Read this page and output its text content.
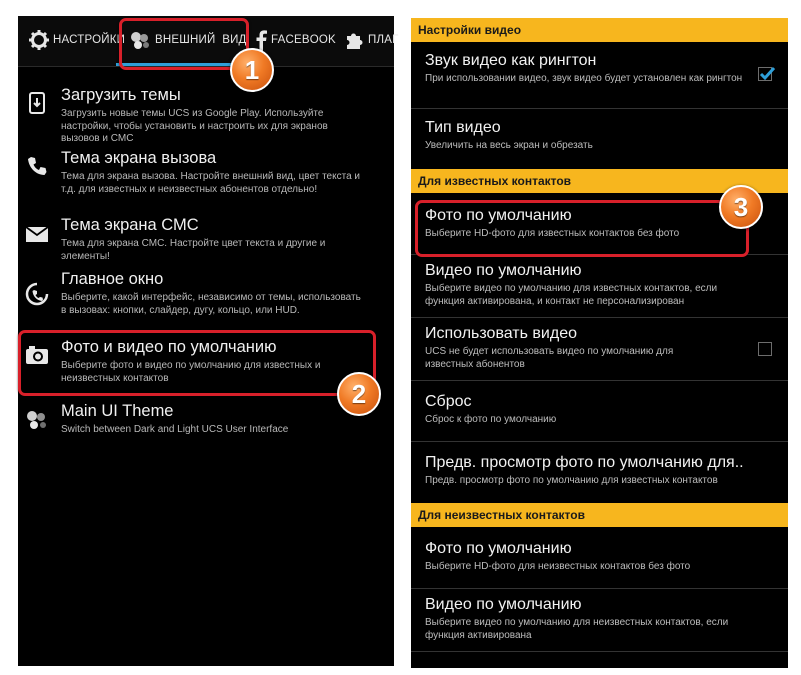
НАСТРОЙКИ	ВНЕШНИЙ  ВИД FACEBOOK	ПЛАГ
Загрузить темы
Загрузить новые темы UCS из Google Play. Используйте настройки, чтобы установить и настроить их для экранов вызовов и СМС
Тема экрана вызова
Тема для экрана вызова. Настройте внешний вид, цвет текста и т.д. для известных и неизвестных абонентов отдельно!
Тема экрана СМС
Тема для экрана СМС. Настройте цвет текста и другие и элементы!
Главное окно
Выберите, какой интерфейс, независимо от темы, использовать в вызовах: кнопки, слайдер, дугу, кольцо, или HUD.
Фото и видео по умолчанию
Выберите фото и видео по умолчанию для известных и неизвестных контактов
Main UI Theme
Switch between Dark and Light UCS User Interface
Настройки видео
Звук видео как рингтон
При использовании видео, звук видео будет установлен как рингтон
Тип видео
Увеличить на весь экран и обрезать
Для известных контактов
Фото по умолчанию
Выберите HD-фото для известных контактов без фото
Видео по умолчанию
Выберите видео по умолчанию для известных контактов, если функция активирована, и контакт не персонализирован
Использовать видео
UCS не будет использовать видео по умолчанию для известных абонентов
Сброс
Сброс к фото по умолчанию
Предв. просмотр фото по умолчанию для..
Предв. просмотр фото по умолчанию для известных контактов
Для неизвестных контактов
Фото по умолчанию
Выберите HD-фото для неизвестных контактов без фото
Видео по умолчанию
Выберите видео по умолчанию для неизвестных контактов, если функция активирована
1
2
3
